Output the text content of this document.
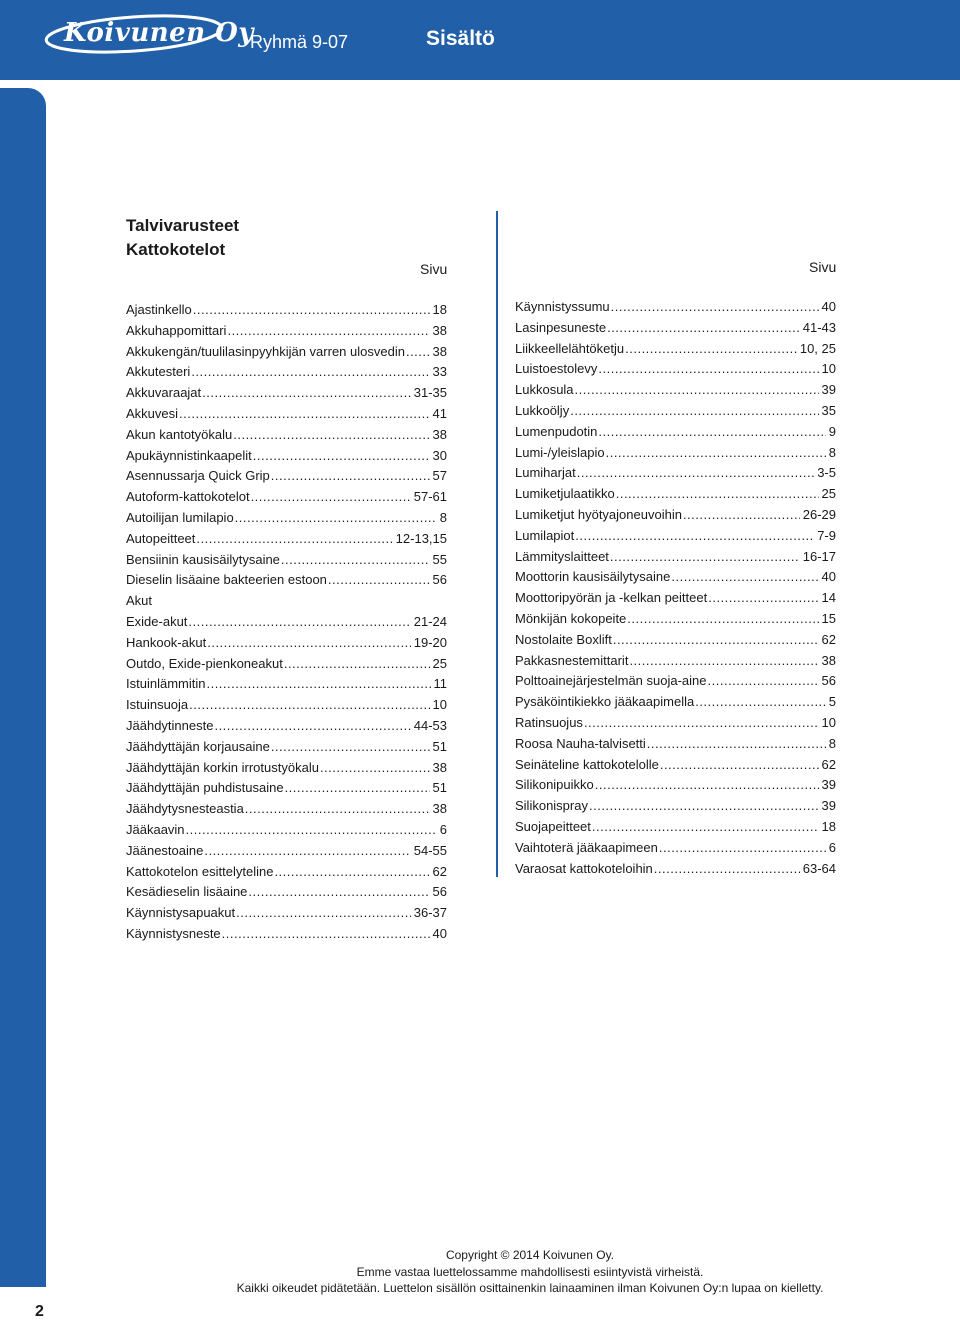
Koivunen Oy
Ryhmä 9-07	Sisältö
2
Talvivarusteet
Kattokotelot
Sivu	Sivu
Ajastinkello .....	18
Akkuhappomittari .....	38
Akkukengän/tuulilasinpyyhkijän varren ulosvedin ..... 38
Akkutesteri .....	33
Akkuvaraajat .....	31-35
Akkuvesi .....	41
Akun kantotyökalu .....	38
Apukäynnistinkaapelit .....	30
Asennussarja Quick Grip .....	57
Autoform-kattokotelot .....	57-61
Autoilijan lumilapio .....	8
Autopeitteet .....	12-13,15
Bensiinin kausisäilytysaine .....	55
Dieselin lisäaine bakteerien estoon .....	56
Akut
Exide-akut .....	21-24
Hankook-akut .....	19-20
Outdo, Exide-pienkoneakut .....	25
Istuinlämmitin .....	11
Istuinsuoja .....	10
Jäähdytinneste .....	44-53
Jäähdyttäjän korjausaine .....	51
Jäähdyttäjän korkin irrotustyökalu .....	38
Jäähdyttäjän puhdistusaine .....	51
Jäähdytysnesteastia .....	38
Jääkaavin .....	6
Jäänestoaine .....	54-55
Kattokotelon esittelyteline .....	62
Kesädieselin lisäaine .....	56
Käynnistysapuakut .....	36-37
Käynnistysneste .....	40
Käynnistyssumu .....	40
Lasinpesuneste .....	41-43
Liikkeellelähtöketju .....	10, 25
Luistoestolevy .....	10
Lukkosula .....	39
Lukkoöljy .....	35
Lumenpudotin .....	9
Lumi-/yleislapio .....	8
Lumiharjat .....	3-5
Lumiketjulaatikko .....	25
Lumiketjut hyötyajoneuvoihin .....	26-29
Lumilapiot .....	7-9
Lämmityslaitteet .....	16-17
Moottorin kausisäilytysaine .....	40
Moottoripyörän ja -kelkan peitteet .....	14
Mönkijän kokopeite .....	15
Nostolaite Boxlift .....	62
Pakkasnestemittarit .....	38
Polttoainejärjestelmän suoja-aine .....	56
Pysäköintikiekko jääkaapimella .....	5
Ratinsuojus .....	10
Roosa Nauha-talvisetti .....	8
Seinäteline kattokotelolle .....	62
Silikonipuikko .....	39
Silikonispray .....	39
Suojapeitteet .....	18
Vaihtoterä jääkaapimeen .....	6
Varaosat kattokoteloihin .....	63-64
Copyright © 2014 Koivunen Oy.
Emme vastaa luettelossamme mahdollisesti esiintyvistä virheistä.
Kaikki oikeudet pidätetään. Luettelon sisällön osittainenkin lainaaminen ilman Koivunen Oy:n lupaa on kielletty.
